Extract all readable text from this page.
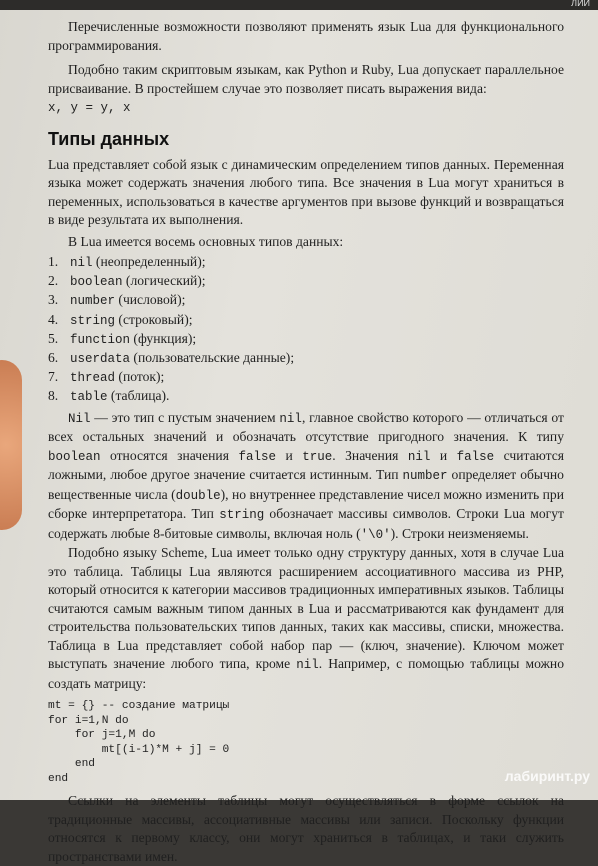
ЛИИ

Перечисленные возможности позволяют применять язык Lua для функционального программирования.

Подобно таким скриптовым языкам, как Python и Ruby, Lua допускает параллельное присваивание. В простейшем случае это позволяет писать выражения вида:
x, y = y, x

Типы данных

Lua представляет собой язык с динамическим определением типов данных. Переменная языка может содержать значения любого типа. Все значения в Lua могут храниться в переменных, использоваться в качестве аргументов при вызове функций и возвращаться в виде результата их выполнения.

В Lua имеется восемь основных типов данных:

1. nil (неопределенный);
2. boolean (логический);
3. number (числовой);
4. string (строковый);
5. function (функция);
6. userdata (пользовательские данные);
7. thread (поток);
8. table (таблица).

Nil — это тип с пустым значением nil, главное свойство которого — отличаться от всех остальных значений и обозначать отсутствие пригодного значения. К типу boolean относятся значения false и true. Значения nil и false считаются ложными, любое другое значение считается истинным. Тип number определяет обычно вещественные числа (double), но внутреннее представление чисел можно изменить при сборке интерпретатора. Тип string обозначает массивы символов. Строки Lua могут содержать любые 8-битовые символы, включая ноль ('\0'). Строки неизменяемы.

Подобно языку Scheme, Lua имеет только одну структуру данных, хотя в случае Lua это таблица. Таблицы Lua являются расширением ассоциативного массива из PHP, который относится к категории массивов традиционных императивных языков. Таблицы считаются самым важным типом данных в Lua и рассматриваются как фундамент для строительства пользовательских типов данных, таких как массивы, списки, множества. Таблица в Lua представляет собой набор пар — (ключ, значение). Ключом может выступать значение любого типа, кроме nil. Например, с помощью таблицы можно создать матрицу:

mt = {} -- создание матрицы
for i=1,N do
for j=1,M do
mt[(i-1)*M + j] = 0
end
end

Ссылки на элементы таблицы могут осуществляться в форме ссылок на традиционные массивы, ассоциативные массивы или записи. Поскольку функции относятся к первому классу, они могут храниться в таблицах, и таки служить пространствами имен.

лабиринт.ру
